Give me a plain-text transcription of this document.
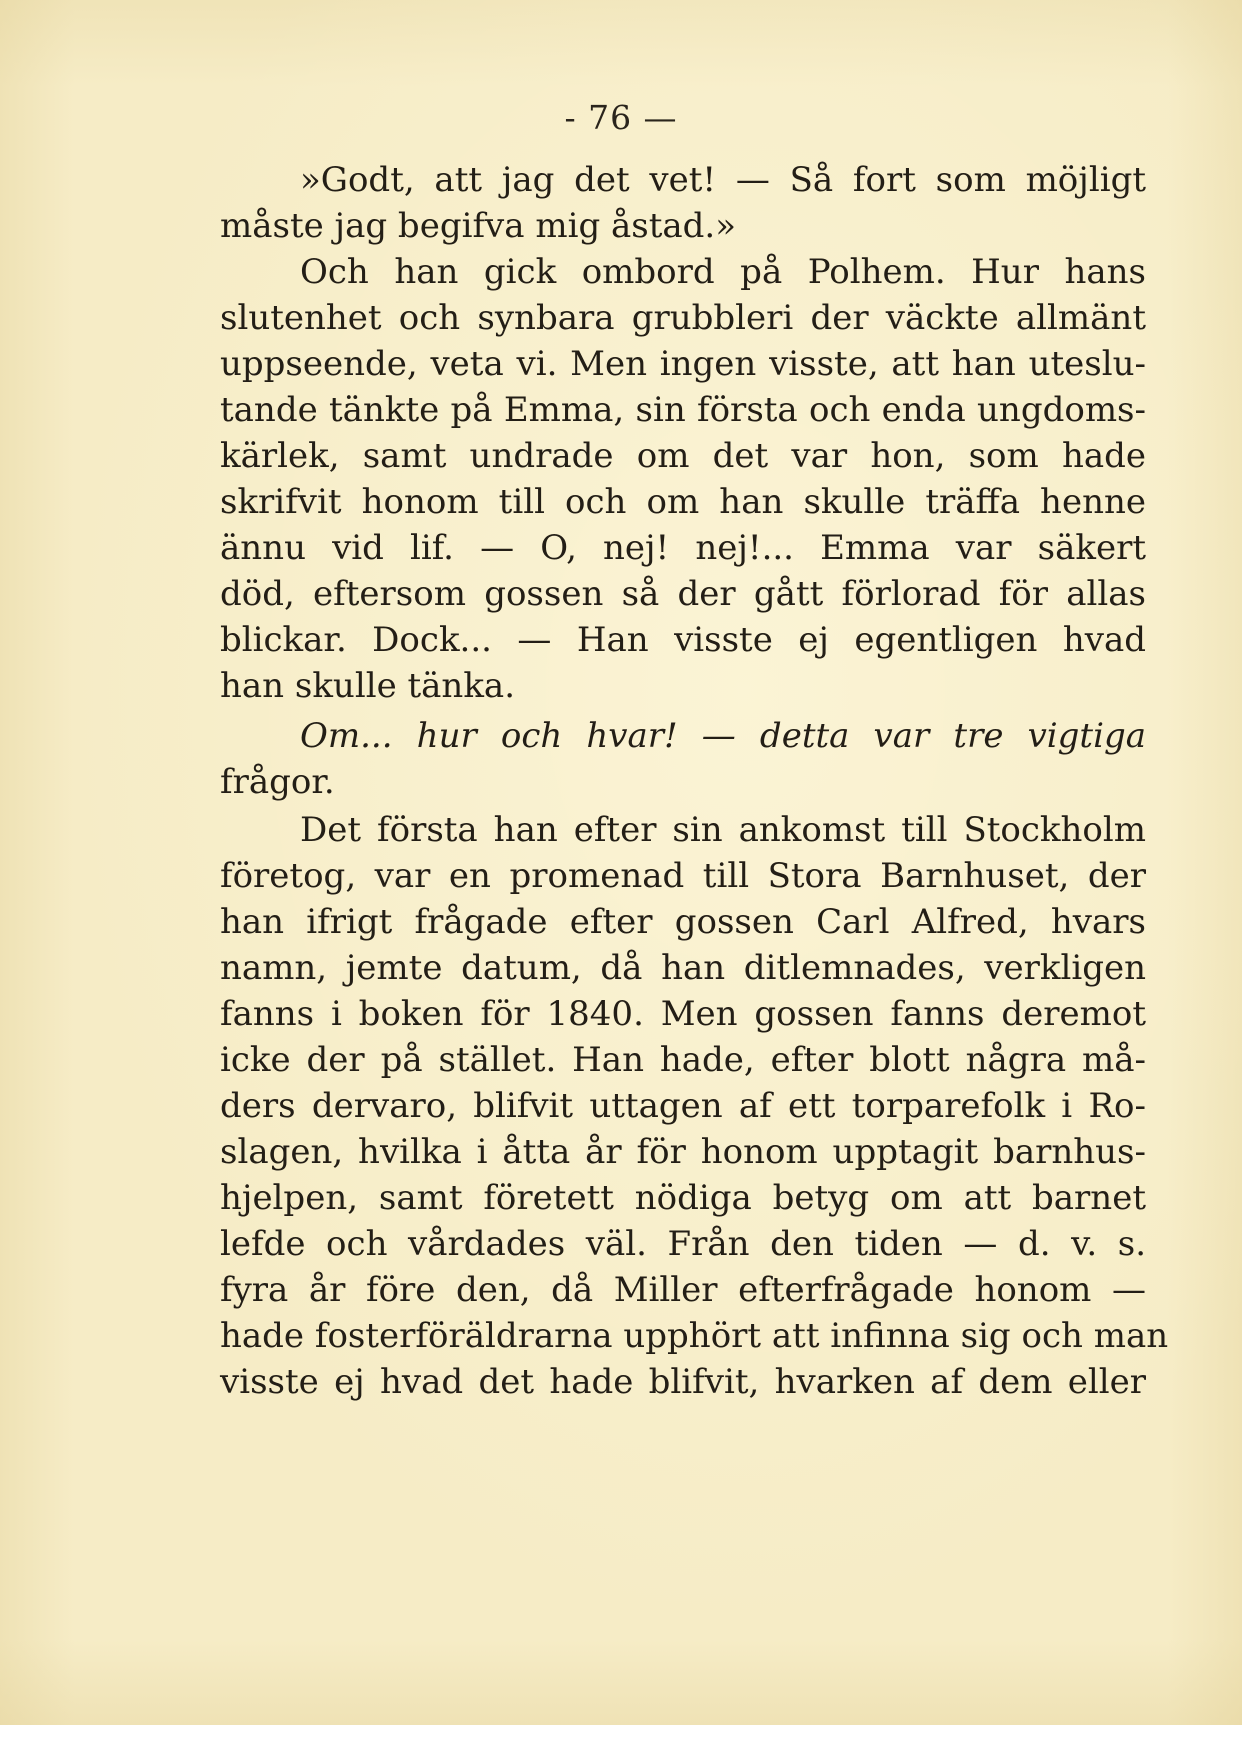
- 76 —
»Godt, att jag det vet! — Så fort som möjligt
måste jag begifva mig åstad.»
Och han gick ombord på Polhem. Hur hans
slutenhet och synbara grubbleri der väckte allmänt
uppseende, veta vi. Men ingen visste, att han uteslu-
tande tänkte på Emma, sin första och enda ungdoms-
kärlek, samt undrade om det var hon, som hade
skrifvit honom till och om han skulle träffa henne
ännu vid lif. — O, nej! nej!... Emma var säkert
död, eftersom gossen så der gått förlorad för allas
blickar. Dock... — Han visste ej egentligen hvad
han skulle tänka.
Om... hur och hvar! — detta var tre vigtiga
frågor.
Det första han efter sin ankomst till Stockholm
företog, var en promenad till Stora Barnhuset, der
han ifrigt frågade efter gossen Carl Alfred, hvars
namn, jemte datum, då han ditlemnades, verkligen
fanns i boken för 1840. Men gossen fanns deremot
icke der på stället. Han hade, efter blott några må-
ders dervaro, blifvit uttagen af ett torparefolk i Ro-
slagen, hvilka i åtta år för honom upptagit barnhus-
hjelpen, samt företett nödiga betyg om att barnet
lefde och vårdades väl. Från den tiden — d. v. s.
fyra år före den, då Miller efterfrågade honom —
hade fosterföräldrarna upphört att infinna sig och man
visste ej hvad det hade blifvit, hvarken af dem eller
